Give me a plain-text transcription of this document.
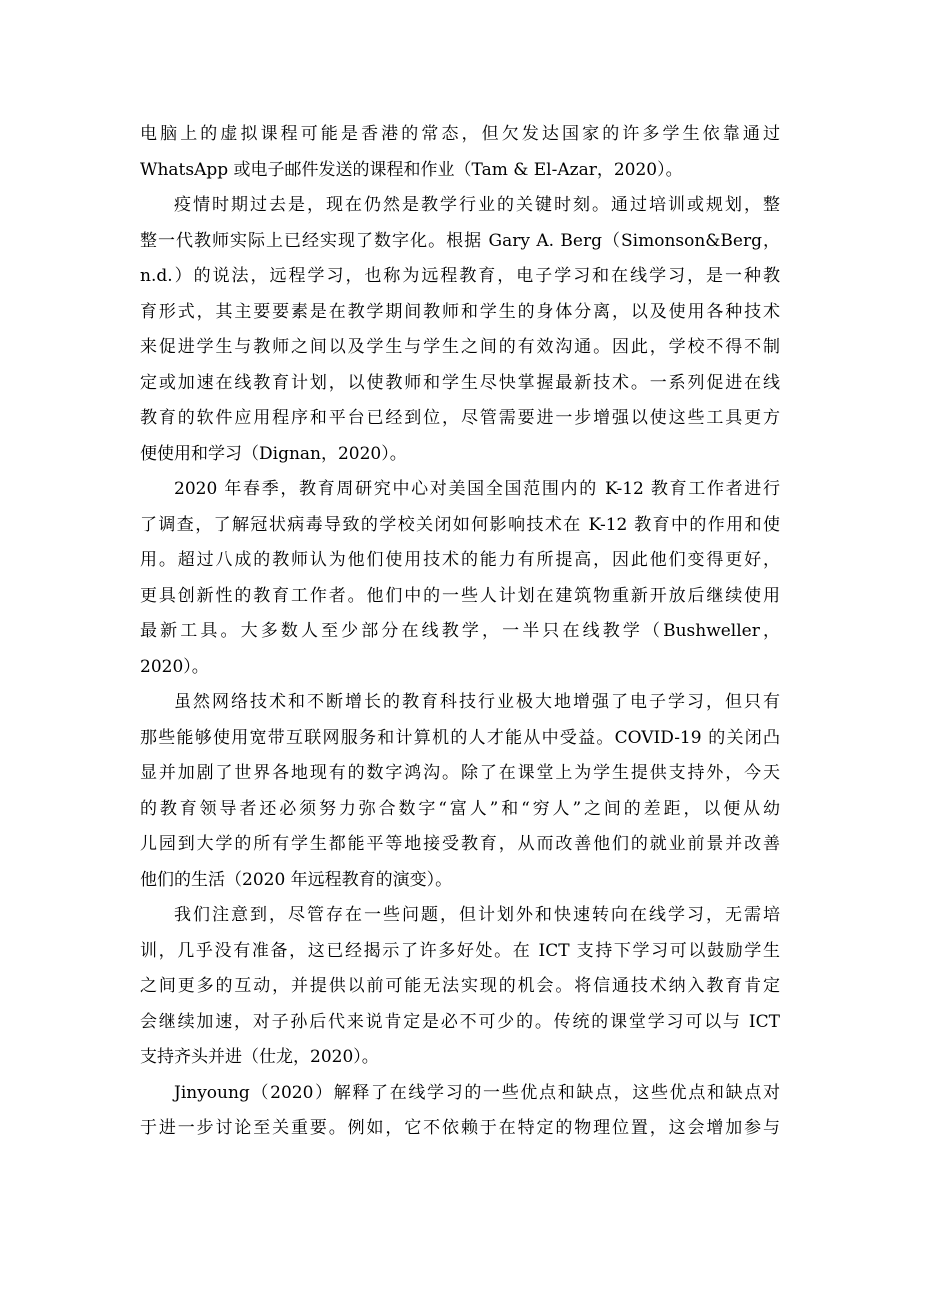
电脑上的虚拟课程可能是香港的常态，但欠发达国家的许多学生依靠通过
WhatsApp 或电子邮件发送的课程和作业（Tam & El-Azar，2020）。
疫情时期过去是，现在仍然是教学行业的关键时刻。通过培训或规划，整
整一代教师实际上已经实现了数字化。根据 Gary A. Berg（Simonson&Berg，
n.d.）的说法，远程学习，也称为远程教育，电子学习和在线学习，是一种教
育形式，其主要要素是在教学期间教师和学生的身体分离，以及使用各种技术
来促进学生与教师之间以及学生与学生之间的有效沟通。因此，学校不得不制
定或加速在线教育计划，以使教师和学生尽快掌握最新技术。一系列促进在线
教育的软件应用程序和平台已经到位，尽管需要进一步增强以使这些工具更方
便使用和学习（Dignan，2020）。
2020 年春季，教育周研究中心对美国全国范围内的 K-12 教育工作者进行
了调查，了解冠状病毒导致的学校关闭如何影响技术在 K-12 教育中的作用和使
用。超过八成的教师认为他们使用技术的能力有所提高，因此他们变得更好，
更具创新性的教育工作者。他们中的一些人计划在建筑物重新开放后继续使用
最新工具。大多数人至少部分在线教学，一半只在线教学（Bushweller，
2020）。
虽然网络技术和不断增长的教育科技行业极大地增强了电子学习，但只有
那些能够使用宽带互联网服务和计算机的人才能从中受益。COVID-19 的关闭凸
显并加剧了世界各地现有的数字鸿沟。除了在课堂上为学生提供支持外，今天
的教育领导者还必须努力弥合数字“富人”和“穷人”之间的差距，以便从幼
儿园到大学的所有学生都能平等地接受教育，从而改善他们的就业前景并改善
他们的生活（2020 年远程教育的演变）。
我们注意到，尽管存在一些问题，但计划外和快速转向在线学习，无需培
训，几乎没有准备，这已经揭示了许多好处。在 ICT 支持下学习可以鼓励学生
之间更多的互动，并提供以前可能无法实现的机会。将信通技术纳入教育肯定
会继续加速，对子孙后代来说肯定是必不可少的。传统的课堂学习可以与 ICT
支持齐头并进（仕龙，2020）。
Jinyoung（2020）解释了在线学习的一些优点和缺点，这些优点和缺点对
于进一步讨论至关重要。例如，它不依赖于在特定的物理位置，这会增加参与
